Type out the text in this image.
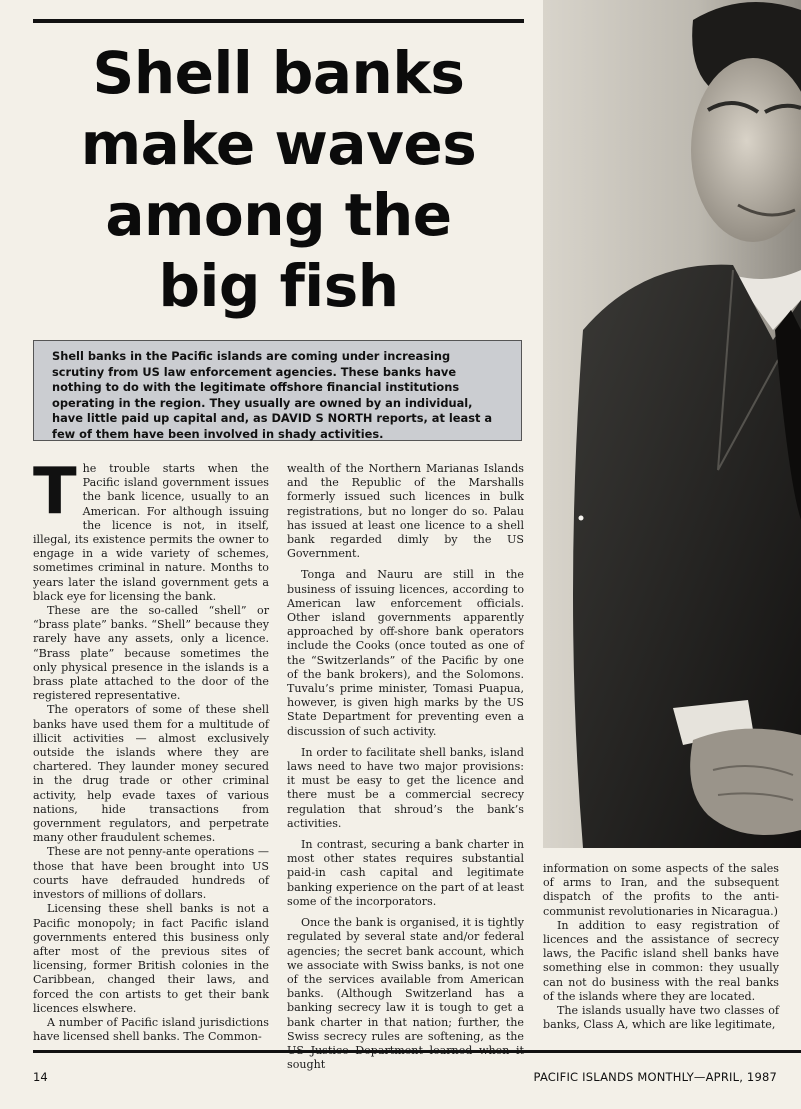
Shell banks
make waves
among the
big fish
Shell banks in the Pacific islands are coming under increasing scrutiny from US law enforcement agencies. These banks have nothing to do with the legitimate offshore financial institutions operating in the region. They usually are owned by an individual, have little paid up capital and, as DAVID S NORTH reports, at least a few of them have been involved in shady activities.

The trouble starts when the Pacific island government issues the bank licence, usually to an American. For although issuing the licence is not, in itself, illegal, its existence permits the owner to engage in a wide variety of schemes, sometimes criminal in nature. Months to years later the island government gets a black eye for licensing the bank.

These are the so-called “shell” or “brass plate” banks. “Shell” because they rarely have any assets, only a licence. “Brass plate” because sometimes the only physical presence in the islands is a brass plate attached to the door of the registered representative.

The operators of some of these shell banks have used them for a multitude of illicit activities — almost exclusively outside the islands where they are chartered. They launder money secured in the drug trade or other criminal activity, help evade taxes of various nations, hide transactions from government regulators, and perpetrate many other fraudulent schemes.

These are not penny-ante operations — those that have been brought into US courts have defrauded hundreds of investors of millions of dollars.

Licensing these shell banks is not a Pacific monopoly; in fact Pacific island governments entered this business only after most of the previous sites of licensing, former British colonies in the Caribbean, changed their laws, and forced the con artists to get their bank licences elswhere.

A number of Pacific island jurisdictions have licensed shell banks. The Common-

wealth of the Northern Marianas Islands and the Republic of the Marshalls formerly issued such licences in bulk registrations, but no longer do so. Palau has issued at least one licence to a shell bank regarded dimly by the US Government.

Tonga and Nauru are still in the business of issuing licences, according to American law enforcement officials. Other island governments apparently approached by off-shore bank operators include the Cooks (once touted as one of the “Switzerlands” of the Pacific by one of the bank brokers), and the Solomons. Tuvalu’s prime minister, Tomasi Puapua, however, is given high marks by the US State Department for preventing even a discussion of such activity.

In order to facilitate shell banks, island laws need to have two major provisions: it must be easy to get the licence and there must be a commercial secrecy regulation that shroud’s the bank’s activities.

In contrast, securing a bank charter in most other states requires substantial paid-in cash capital and legitimate banking experience on the part of at least some of the incorporators.

Once the bank is organised, it is tightly regulated by several state and/or federal agencies; the secret bank account, which we associate with Swiss banks, is not one of the services available from American banks. (Although Switzerland has a banking secrecy law it is tough to get a bank charter in that nation; further, the Swiss secrecy rules are softening, as the sought

information on some aspects of the sales of arms to Iran, and the subsequent dispatch of the profits to the anti-communist revolutionaries in Nicaragua.)

In addition to easy registration of licences and the assistance of secrecy laws, the Pacific island shell banks have something else in common: they usually can not do business with the real banks of the islands where they are located.

The islands usually have two classes of banks, Class A, which are like legitimate,

14	PACIFIC ISLANDS MONTHLY—APRIL, 1987
